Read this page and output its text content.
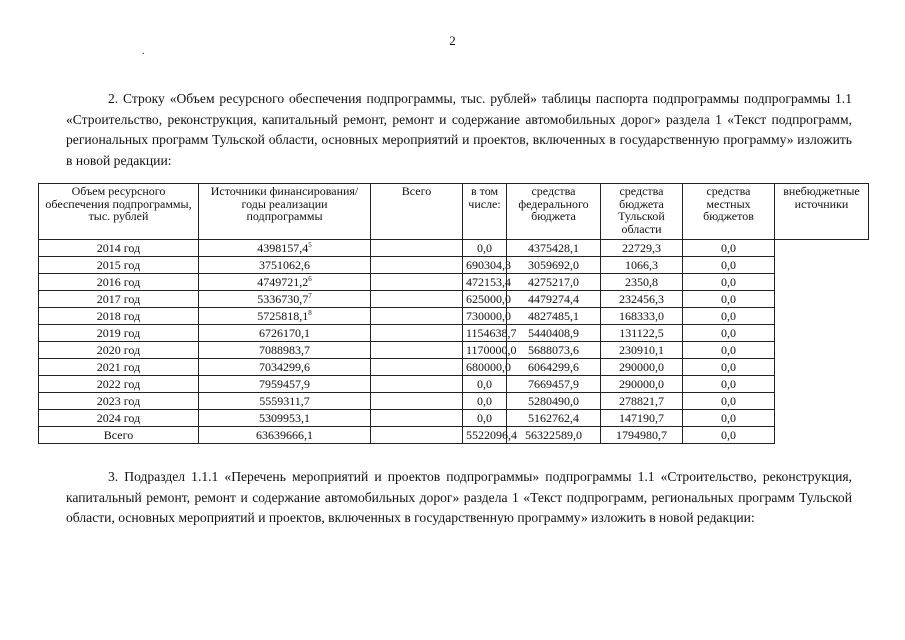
2
.

2. Строку «Объем ресурсного обеспечения подпрограммы, тыс. рублей» таблицы паспорта подпрограммы подпрограммы 1.1 «Строительство, реконструкция, капитальный ремонт, ремонт и содержание автомобильных дорог» раздела 1 «Текст подпрограмм, региональных программ Тульской области, основных мероприятий и проектов, включенных в государственную программу» изложить в новой редакции:

Объем ресурсного обеспечения подпрограммы, тыс. рублей	Источники финансирования/годы реализации подпрограммы	Всего	в том числе:	средства федерального бюджета	средства бюджета Тульской области	средства местных бюджетов	внебюджетные источники
2014 год	4398157,4$^5$		0,0	4375428,1	22729,3	0,0	
2015 год	3751062,6		690304,3	3059692,0	1066,3	0,0	
2016 год	4749721,2$^6$		472153,4	4275217,0	2350,8	0,0	
2017 год	5336730,7$^7$		625000,0	4479274,4	232456,3	0,0	
2018 год	5725818,1$^8$		730000,0	4827485,1	168333,0	0,0	
2019 год	6726170,1		1154638,7	5440408,9	131122,5	0,0	
2020 год	7088983,7		1170000,0	5688073,6	230910,1	0,0	
2021 год	7034299,6		680000,0	6064299,6	290000,0	0,0	
2022 год	7959457,9		0,0	7669457,9	290000,0	0,0	
2023 год	5559311,7		0,0	5280490,0	278821,7	0,0	
2024 год	5309953,1		0,0	5162762,4	147190,7	0,0	
Всего	63639666,1		5522096,4	56322589,0	1794980,7	0,0	

3. Подраздел 1.1.1 «Перечень мероприятий и проектов подпрограммы» подпрограммы 1.1 «Строительство, реконструкция, капитальный ремонт, ремонт и содержание автомобильных дорог» раздела 1 «Текст подпрограмм, региональных программ Тульской области, основных мероприятий и проектов, включенных в государственную программу» изложить в новой редакции:
